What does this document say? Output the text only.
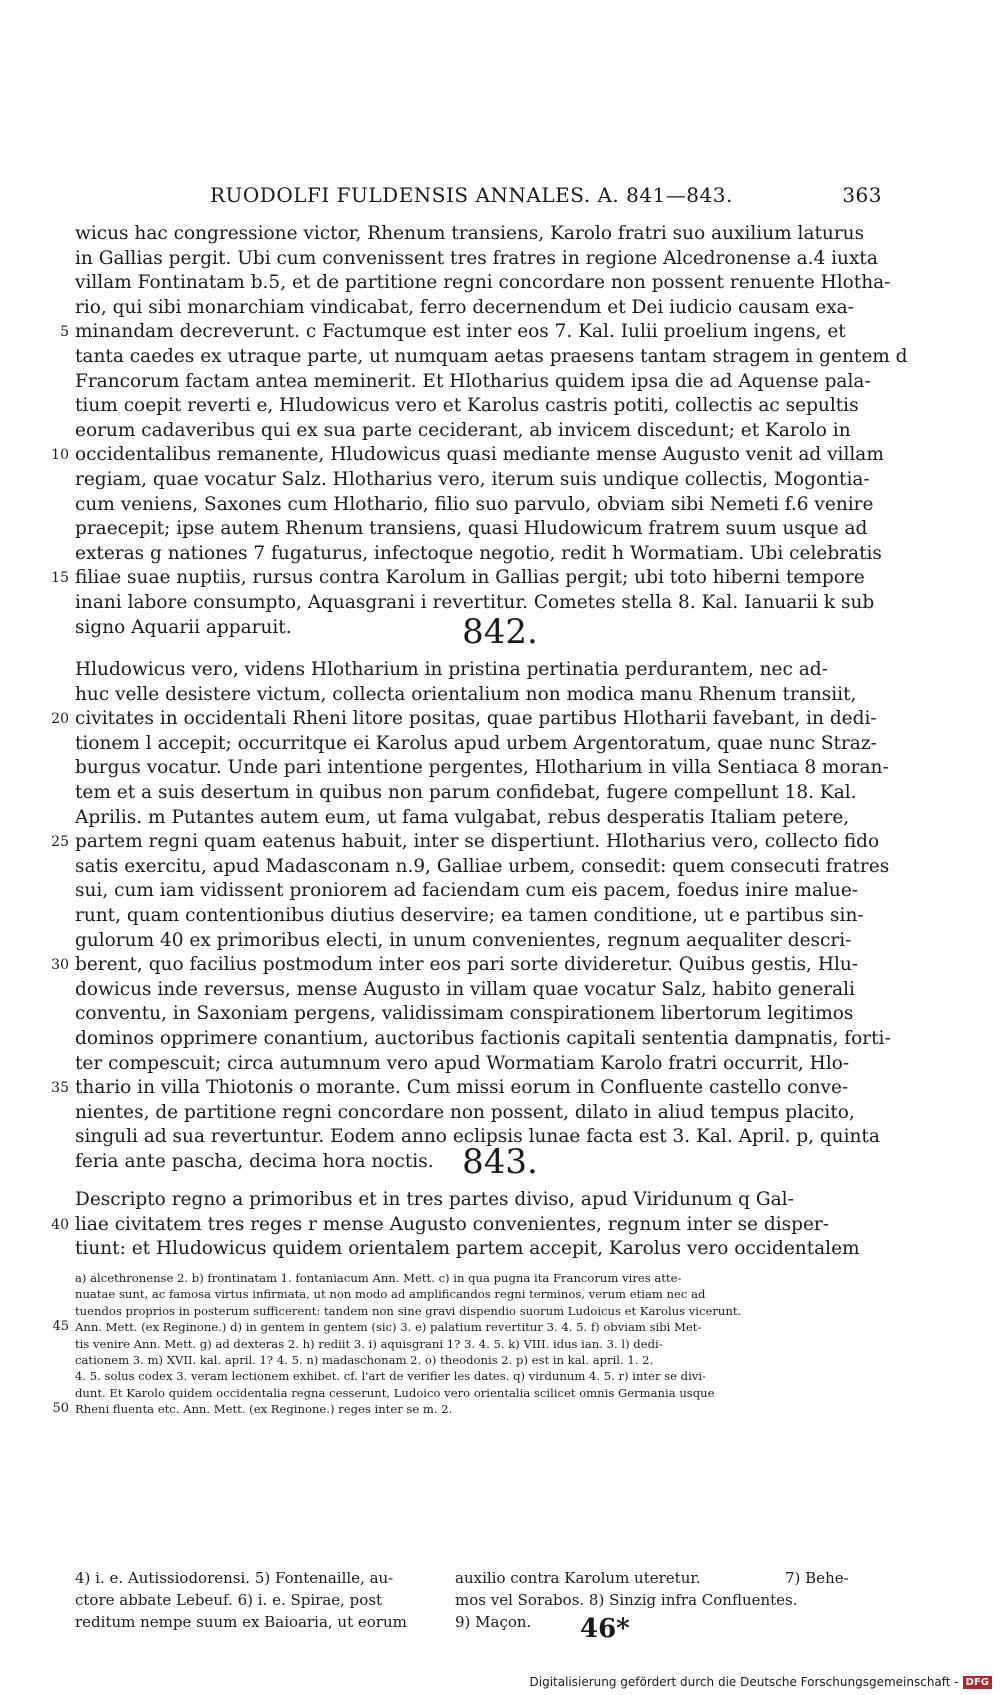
RUODOLFI FULDENSIS ANNALES. A. 841—843.	363
wicus hac congressione victor, Rhenum transiens, Karolo fratri suo auxilium laturus
in Gallias pergit. Ubi cum convenissent tres fratres in regione Alcedronense a.4 iuxta
villam Fontinatam b.5, et de partitione regni concordare non possent renuente Hlotha-
rio, qui sibi monarchiam vindicabat, ferro decernendum et Dei iudicio causam exa-
minandam decreverunt. c Factumque est inter eos 7. Kal. Iulii proelium ingens, et
5
tanta caedes ex utraque parte, ut numquam aetas praesens tantam stragem in gentem d
Francorum factam antea meminerit. Et Hlotharius quidem ipsa die ad Aquense pala-
tium coepit reverti e, Hludowicus vero et Karolus castris potiti, collectis ac sepultis
eorum cadaveribus qui ex sua parte ceciderant, ab invicem discedunt; et Karolo in
occidentalibus remanente, Hludowicus quasi mediante mense Augusto venit ad villam
10
regiam, quae vocatur Salz. Hlotharius vero, iterum suis undique collectis, Mogontia-
cum veniens, Saxones cum Hlothario, filio suo parvulo, obviam sibi Nemeti f.6 venire
praecepit; ipse autem Rhenum transiens, quasi Hludowicum fratrem suum usque ad
exteras g nationes 7 fugaturus, infectoque negotio, redit h Wormatiam. Ubi celebratis
filiae suae nuptiis, rursus contra Karolum in Gallias pergit; ubi toto hiberni tempore
15
inani labore consumpto, Aquasgrani i revertitur. Cometes stella 8. Kal. Ianuarii k sub
signo Aquarii apparuit.	842.
Hludowicus vero, videns Hlotharium in pristina pertinatia perdurantem, nec ad-
huc velle desistere victum, collecta orientalium non modica manu Rhenum transiit,
civitates in occidentali Rheni litore positas, quae partibus Hlotharii favebant, in dedi-
20
tionem l accepit; occurritque ei Karolus apud urbem Argentoratum, quae nunc Straz-
burgus vocatur. Unde pari intentione pergentes, Hlotharium in villa Sentiaca 8 moran-
tem et a suis desertum in quibus non parum confidebat, fugere compellunt 18. Kal.
Aprilis. m Putantes autem eum, ut fama vulgabat, rebus desperatis Italiam petere,
partem regni quam eatenus habuit, inter se dispertiunt. Hlotharius vero, collecto fido
25
satis exercitu, apud Madasconam n.9, Galliae urbem, consedit: quem consecuti fratres
sui, cum iam vidissent proniorem ad faciendam cum eis pacem, foedus inire malue-
runt, quam contentionibus diutius deservire; ea tamen conditione, ut e partibus sin-
gulorum 40 ex primoribus electi, in unum convenientes, regnum aequaliter descri-
berent, quo facilius postmodum inter eos pari sorte divideretur. Quibus gestis, Hlu-
30
dowicus inde reversus, mense Augusto in villam quae vocatur Salz, habito generali
conventu, in Saxoniam pergens, validissimam conspirationem libertorum legitimos
dominos opprimere conantium, auctoribus factionis capitali sententia dampnatis, forti-
ter compescuit; circa autumnum vero apud Wormatiam Karolo fratri occurrit, Hlo-
thario in villa Thiotonis o morante. Cum missi eorum in Confluente castello conve-
35
nientes, de partitione regni concordare non possent, dilato in aliud tempus placito,
singuli ad sua revertuntur. Eodem anno eclipsis lunae facta est 3. Kal. April. p, quinta
feria ante pascha, decima hora noctis. 843.
Descripto regno a primoribus et in tres partes diviso, apud Viridunum q Gal-
liae civitatem tres reges r mense Augusto convenientes, regnum inter se disper-
40
tiunt: et Hludowicus quidem orientalem partem accepit, Karolus vero occidentalem
a) alcethronense 2. b) frontinatam 1. fontaniacum Ann. Mett. c) in qua pugna ita Francorum vires atte-
nuatae sunt, ac famosa virtus infirmata, ut non modo ad amplificandos regni terminos, verum etiam nec ad
tuendos proprios in posterum sufficerent: tandem non sine gravi dispendio suorum Ludoicus et Karolus vicerunt.
Ann. Mett. (ex Reginone.) d) in gentem in gentem (sic) 3. e) palatium revertitur 3. 4. 5. f) obviam sibi Met-
45
tis venire Ann. Mett. g) ad dexteras 2. h) rediit 3. i) aquisgrani 1? 3. 4. 5. k) VIII. idus ian. 3. l) dedi-
cationem 3. m) XVII. kal. april. 1? 4. 5. n) madaschonam 2. o) theodonis 2. p) est in kal. april. 1. 2.
4. 5. solus codex 3. veram lectionem exhibet. cf. l'art de verifier les dates. q) virdunum 4. 5. r) inter se divi-
dunt. Et Karolo quidem occidentalia regna cesserunt, Ludoico vero orientalia scilicet omnis Germania usque
Rheni fluenta etc. Ann. Mett. (ex Reginone.) reges inter se m. 2.
50
4) i. e. Autissiodorensi. 5) Fontenaille, au-
ctore abbate Lebeuf. 6) i. e. Spirae, post
reditum nempe suum ex Baioaria, ut eorum
auxilio contra Karolum uteretur.
mos vel Sorabos. 8) Sinzig infra Confluentes.
9) Maçon.
7) Behe-
46*
Digitalisierung gefördert durch die Deutsche Forschungsgemeinschaft - DFG
